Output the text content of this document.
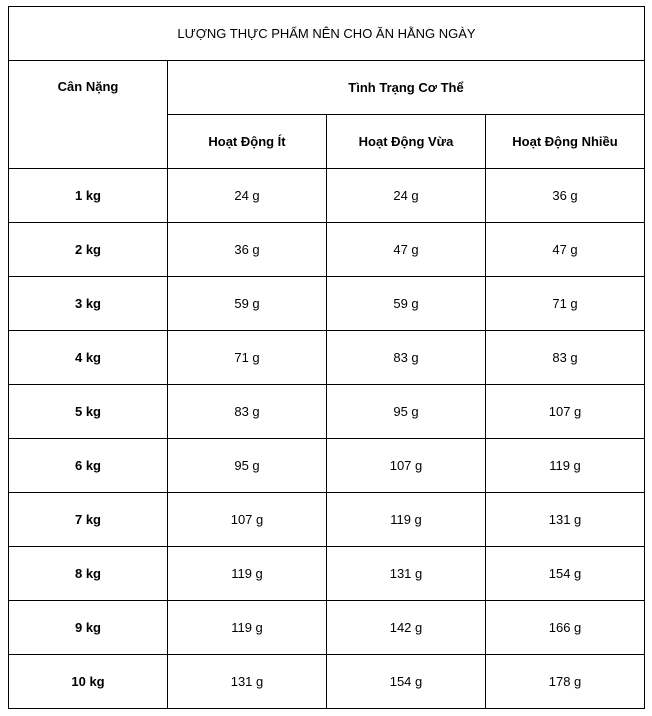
LƯỢNG THỰC PHẨM NÊN CHO ĂN HẰNG NGÀY			
Cân Nặng	Tình Trạng Cơ Thể		
	Hoạt Động Ít	Hoạt Động Vừa	Hoạt Động Nhiều
1 kg	24 g	24 g	36 g
2 kg	36 g	47 g	47 g
3 kg	59 g	59 g	71 g
4 kg	71 g	83 g	83 g
5 kg	83 g	95 g	107 g
6 kg	95 g	107 g	119 g
7 kg	107 g	119 g	131 g
8 kg	119 g	131 g	154 g
9 kg	119 g	142 g	166 g
10 kg	131 g	154 g	178 g
